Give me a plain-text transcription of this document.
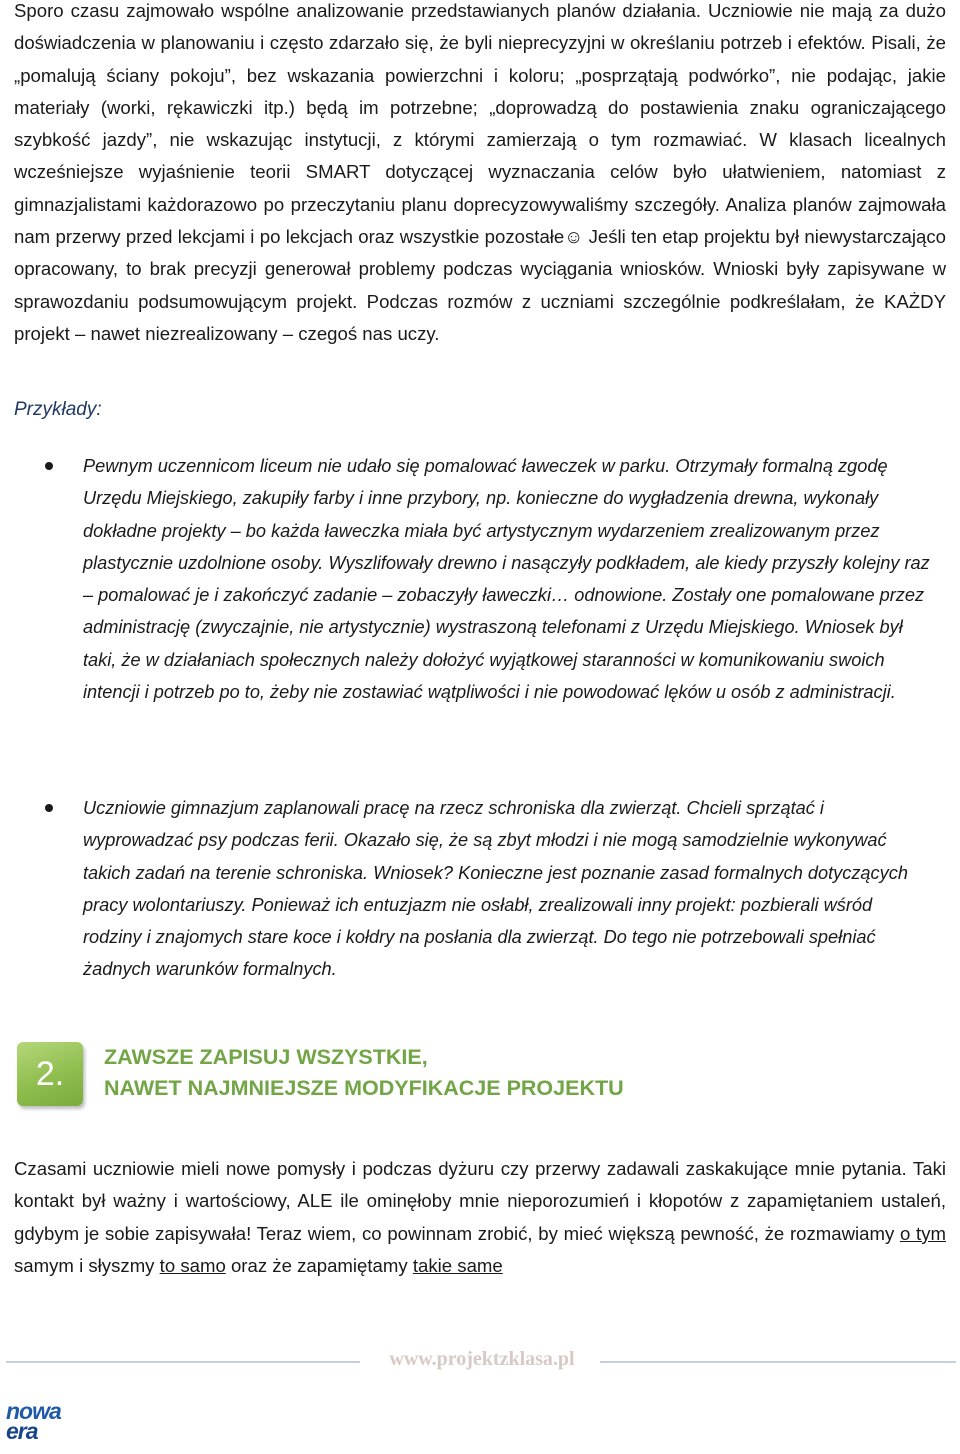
Sporo czasu zajmowało wspólne analizowanie przedstawianych planów działania. Uczniowie nie mają za dużo doświadczenia w planowaniu i często zdarzało się, że byli nieprecyzyjni w określaniu potrzeb i efektów. Pisali, że „pomalują ściany pokoju”, bez wskazania powierzchni i koloru; „posprzątają podwórko”, nie podając, jakie materiały (worki, rękawiczki itp.) będą im potrzebne; „doprowadzą do postawienia znaku ograniczającego szybkość jazdy”, nie wskazując instytucji, z którymi zamierzają o tym rozmawiać. W klasach licealnych wcześniejsze wyjaśnienie teorii SMART dotyczącej wyznaczania celów było ułatwieniem, natomiast z gimnazjalistami każdorazowo po przeczytaniu planu doprecyzowywaliśmy szczegóły. Analiza planów zajmowała nam przerwy przed lekcjami i po lekcjach oraz wszystkie pozostałe☺ Jeśli ten etap projektu był niewystarczająco opracowany, to brak precyzji generował problemy podczas wyciągania wniosków. Wnioski były zapisywane w sprawozdaniu podsumowującym projekt. Podczas rozmów z uczniami szczególnie podkreślałam, że KAŻDY projekt – nawet niezrealizowany – czegoś nas uczy.

Przykłady:
Pewnym uczennicom liceum nie udało się pomalować ławeczek w parku. Otrzymały formalną zgodę Urzędu Miejskiego, zakupiły farby i inne przybory, np. konieczne do wygładzenia drewna, wykonały dokładne projekty – bo każda ławeczka miała być artystycznym wydarzeniem zrealizowanym przez plastycznie uzdolnione osoby. Wyszlifowały drewno i nasączyły podkładem, ale kiedy przyszły kolejny raz – pomalować je i zakończyć zadanie – zobaczyły ławeczki… odnowione. Zostały one pomalowane przez administrację (zwyczajnie, nie artystycznie) wystraszoną telefonami z Urzędu Miejskiego. Wniosek był taki, że w działaniach społecznych należy dołożyć wyjątkowej staranności w komunikowaniu swoich intencji i potrzeb po to, żeby nie zostawiać wątpliwości i nie powodować lęków u osób z administracji.
Uczniowie gimnazjum zaplanowali pracę na rzecz schroniska dla zwierząt. Chcieli sprzątać i wyprowadzać psy podczas ferii. Okazało się, że są zbyt młodzi i nie mogą samodzielnie wykonywać takich zadań na terenie schroniska. Wniosek? Konieczne jest poznanie zasad formalnych dotyczących pracy wolontariuszy. Ponieważ ich entuzjazm nie osłabł, zrealizowali inny projekt: pozbierali wśród rodziny i znajomych stare koce i kołdry na posłania dla zwierząt. Do tego nie potrzebowali spełniać żadnych warunków formalnych.
2.	ZAWSZE ZAPISUJ WSZYSTKIE,
NAWET NAJMNIEJSZE MODYFIKACJE PROJEKTU

Czasami uczniowie mieli nowe pomysły i podczas dyżuru czy przerwy zadawali zaskakujące mnie pytania. Taki kontakt był ważny i wartościowy, ALE ile ominęłoby mnie nieporozumień i kłopotów z zapamiętaniem ustaleń, gdybym je sobie zapisywała! Teraz wiem, co powinnam zrobić, by mieć większą pewność, że rozmawiamy o tym samym i słyszmy to samo oraz że zapamiętamy takie same

www.projektzklasa.pl
nowa
era
